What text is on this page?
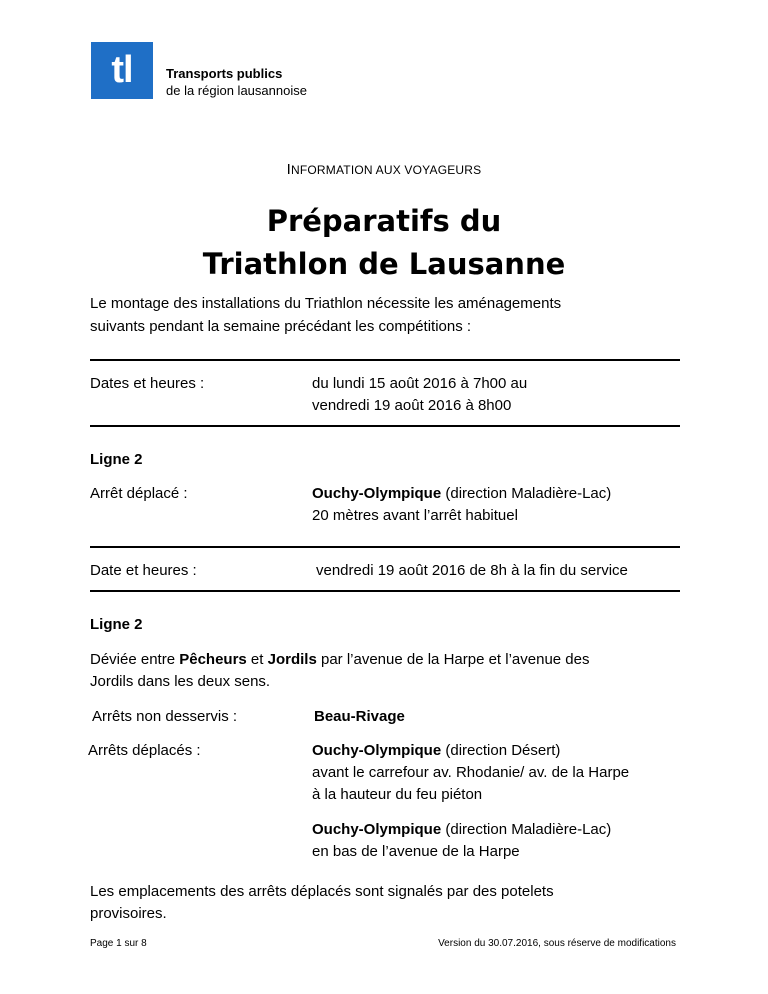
tl	Transports publics
de la région lausannoise
INFORMATION AUX VOYAGEURS
Préparatifs du
Triathlon de Lausanne
Le montage des installations du Triathlon nécessite les aménagements
suivants pendant la semaine précédant les compétitions :
Dates et heures :	du lundi 15 août 2016 à 7h00 au
vendredi 19 août 2016 à 8h00
Ligne 2
Arrêt déplacé :	Ouchy-Olympique (direction Maladière-Lac)
20 mètres avant l’arrêt habituel
Date et heures :	vendredi 19 août 2016 de 8h à la fin du service
Ligne 2
Déviée entre Pêcheurs et Jordils par l’avenue de la Harpe et l’avenue des
Jordils dans les deux sens.
Arrêts non desservis :	Beau-Rivage
Arrêts déplacés :	Ouchy-Olympique (direction Désert)
avant le carrefour av. Rhodanie/ av. de la Harpe
à la hauteur du feu piéton
Ouchy-Olympique (direction Maladière-Lac)
en bas de l’avenue de la Harpe
Les emplacements des arrêts déplacés sont signalés par des potelets
provisoires.
Page 1 sur 8	Version du 30.07.2016, sous réserve de modifications
